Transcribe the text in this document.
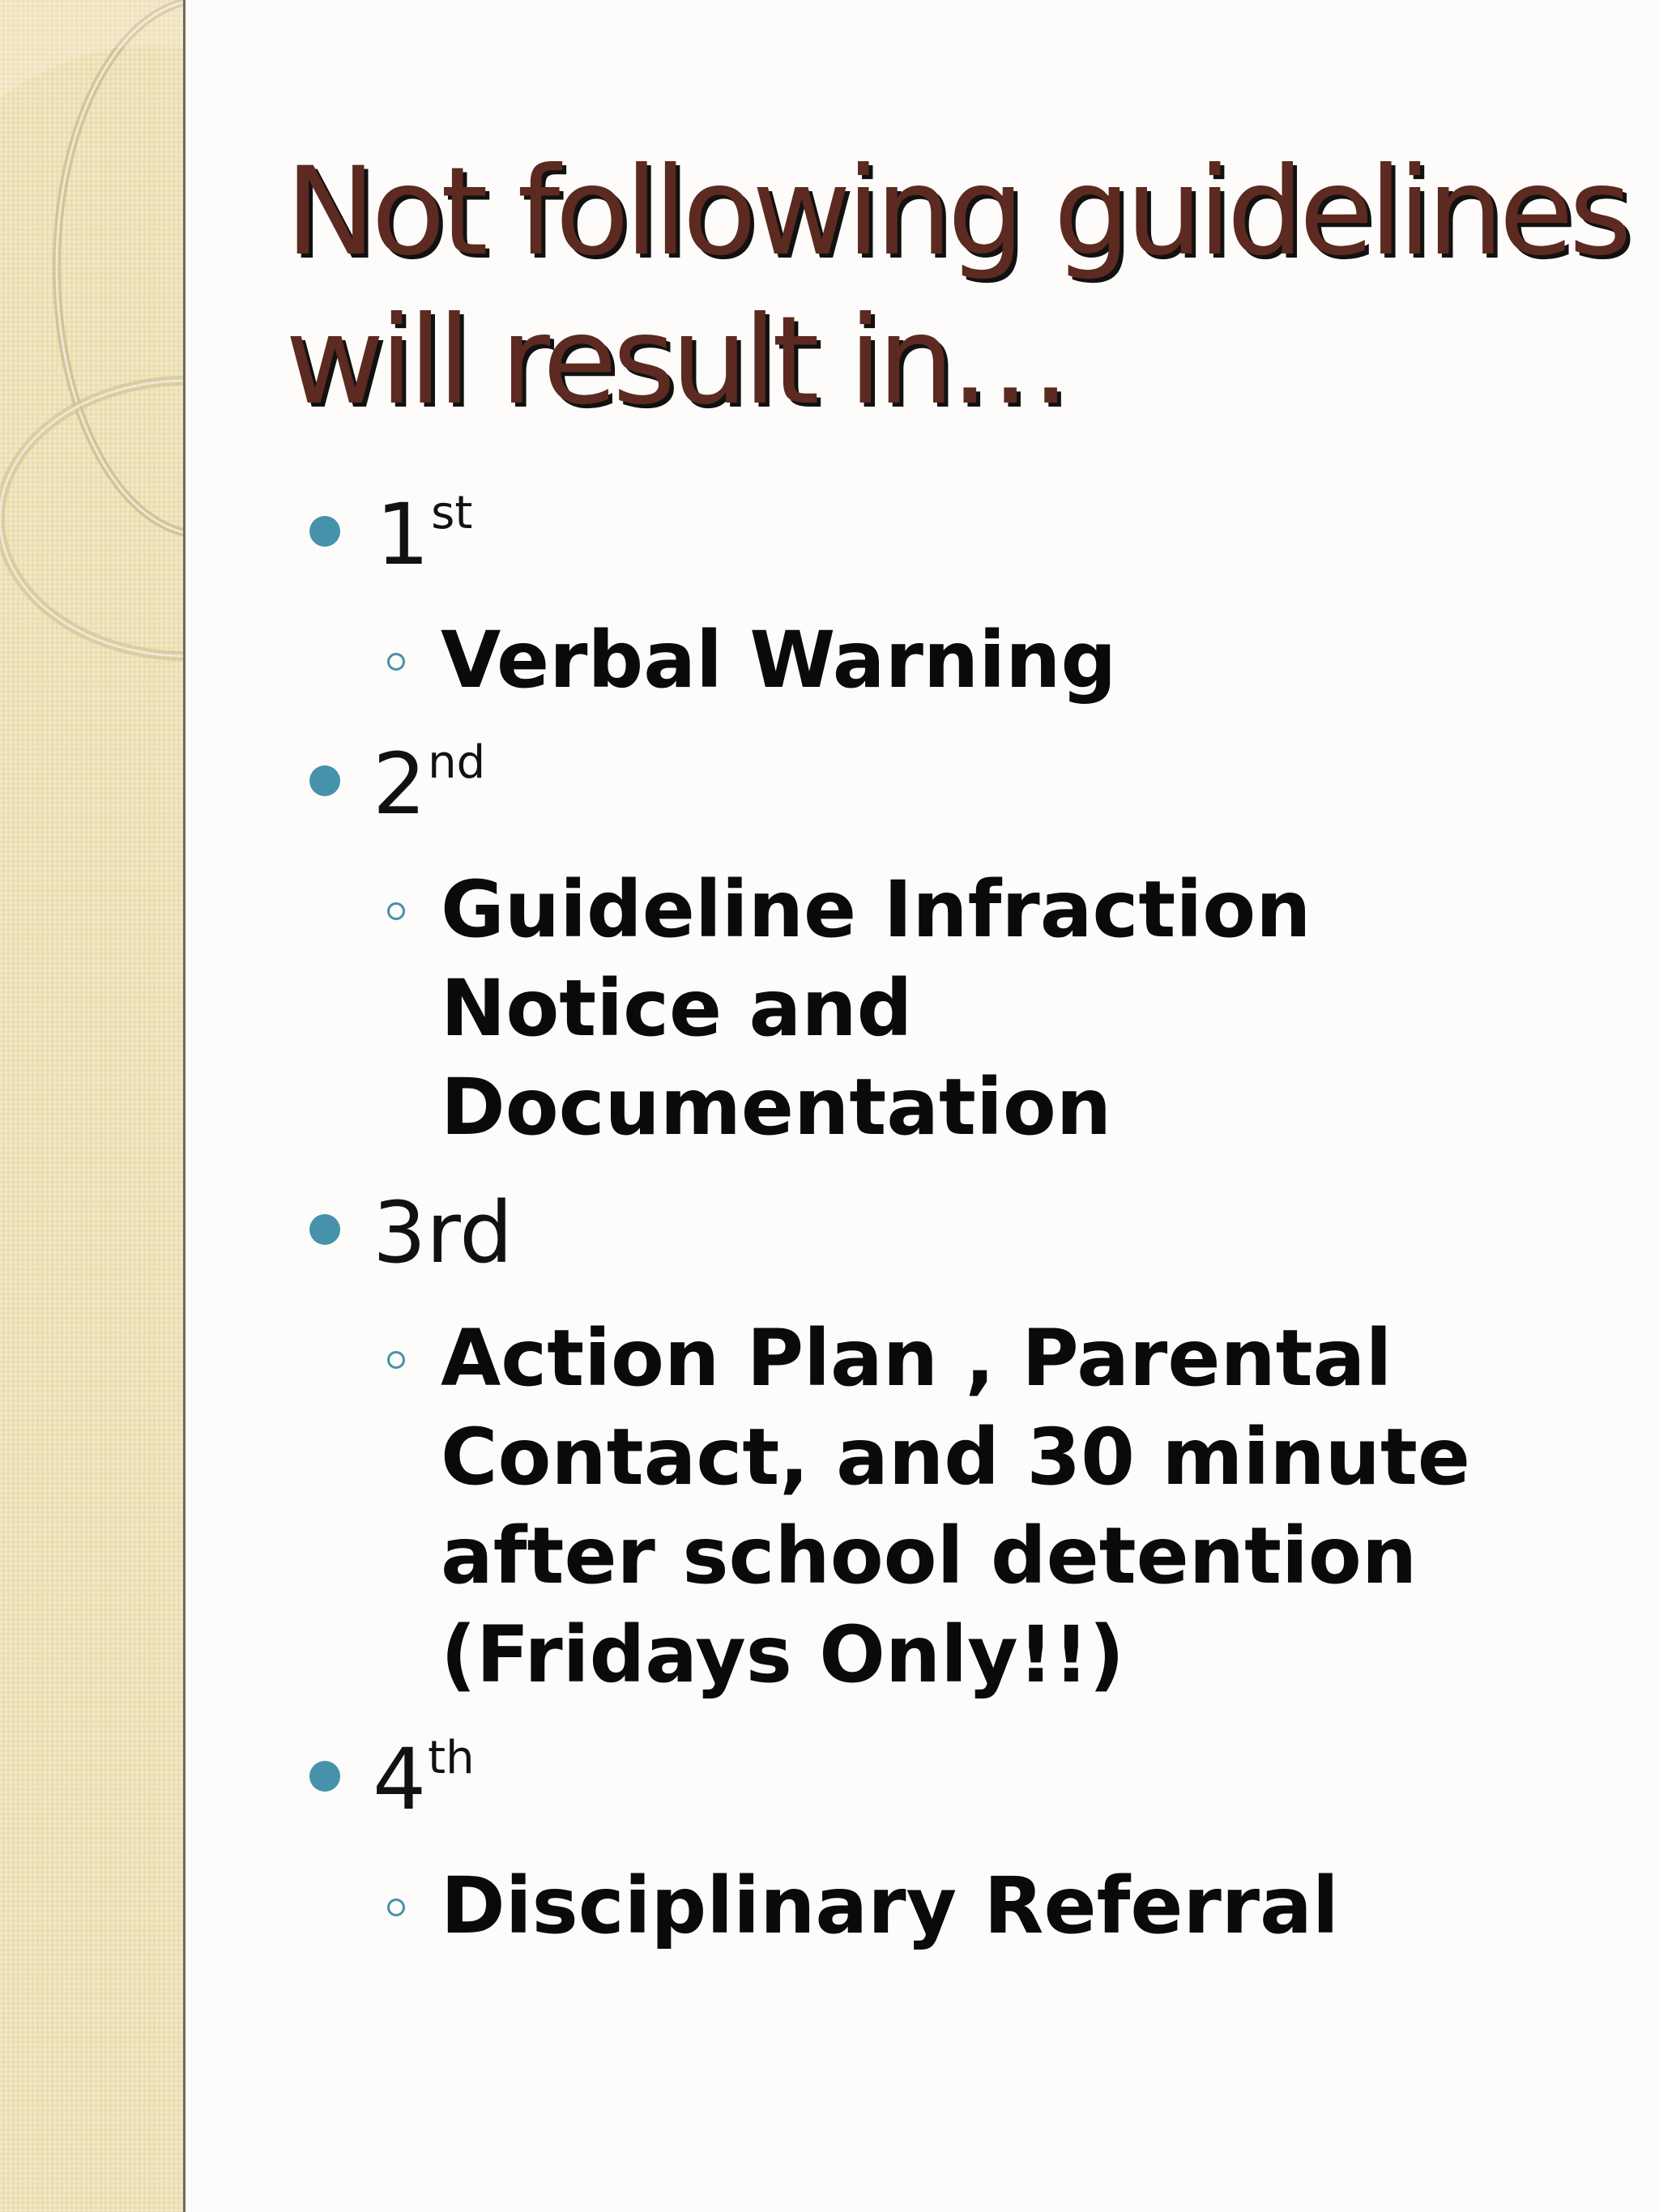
Not following guidelines
will result in…
1st
Verbal Warning
2nd
Guideline Infraction
Notice and
Documentation
3rd
Action Plan , Parental
Contact, and 30 minute
after school detention
(Fridays Only!!)
4th
Disciplinary Referral
